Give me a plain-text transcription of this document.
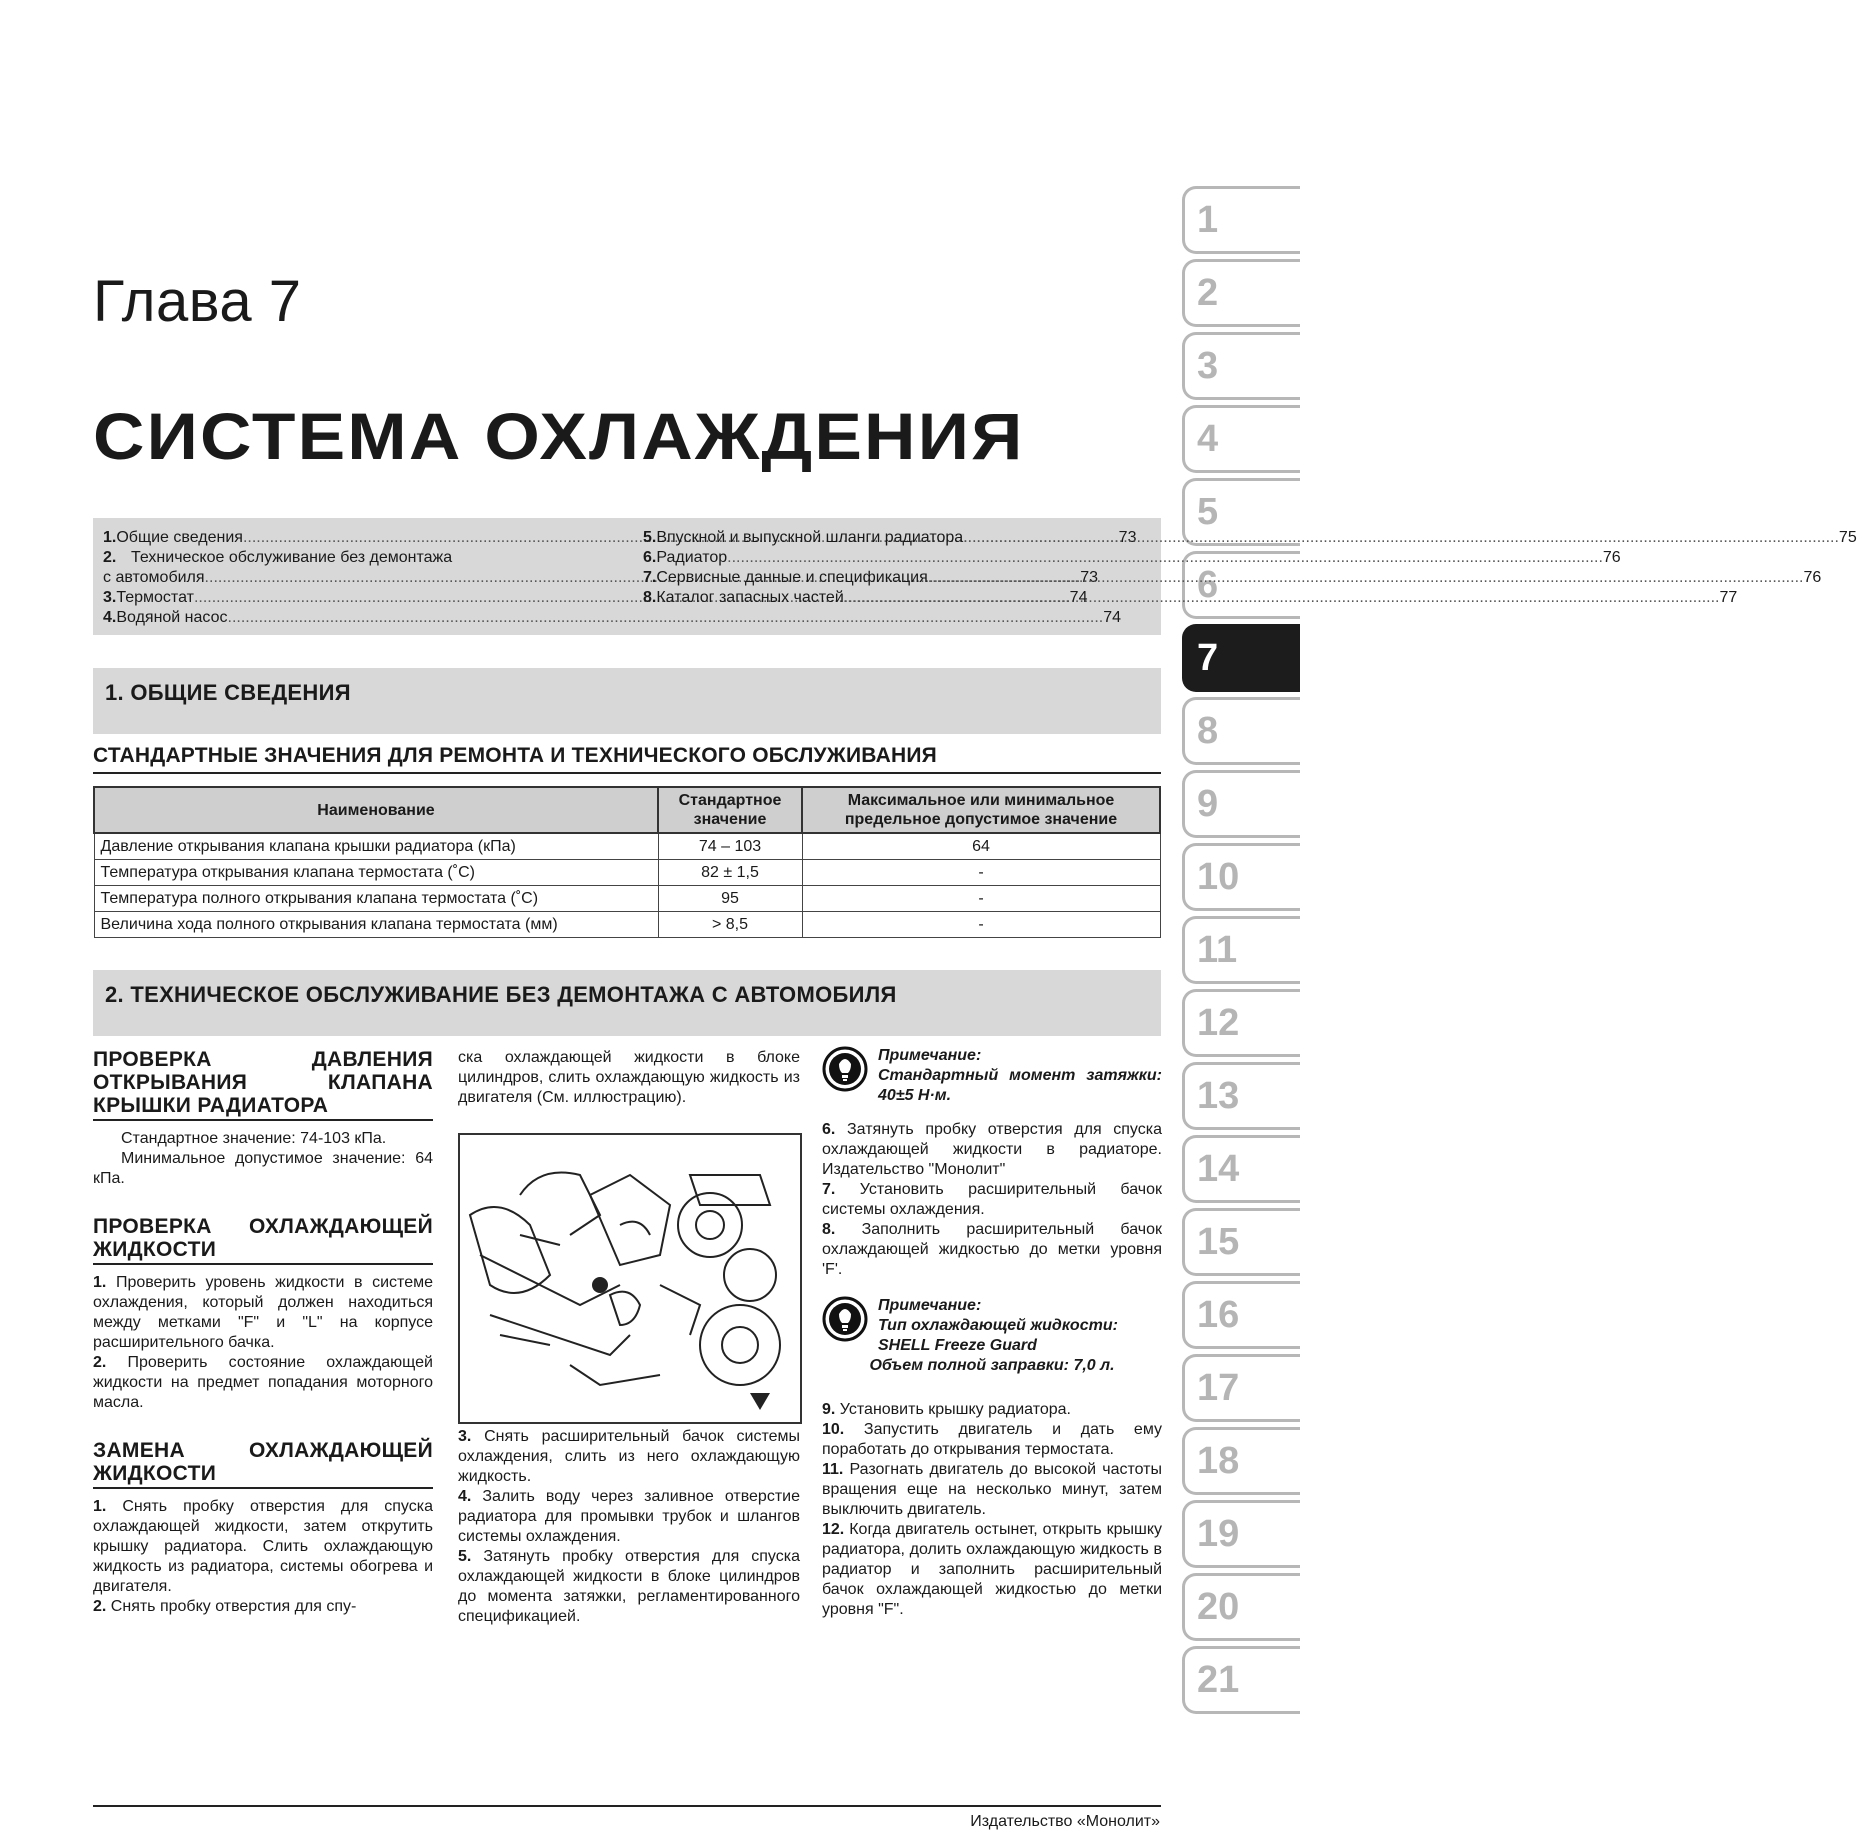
Глава 7
СИСТЕМА ОХЛАЖДЕНИЯ
1
2
3
4
5
6
7
8
9
10
11
12
13
14
15
16
17
18
19
20
21
1. Общие сведения .....	73
2. Техническое обслуживание без демонтажа
с автомобиля .....	73
3. Термостат .....	74
4. Водяной насос .....	74
5. Впускной и выпускной шланги радиатора .....	75
6. Радиатор .....	76
7. Сервисные данные и спецификация .....	76
8. Каталог запасных частей .....	77
1. ОБЩИЕ СВЕДЕНИЯ
СТАНДАРТНЫЕ ЗНАЧЕНИЯ ДЛЯ РЕМОНТА И ТЕХНИЧЕСКОГО ОБСЛУЖИВАНИЯ
Наименование	Стандартное значение	Максимальное или минимальное предельное допустимое значение
Давление открывания клапана крышки радиатора (кПа)	74 – 103	64
Температура открывания клапана термостата (˚С)	82 ± 1,5	-
Температура полного открывания клапана термостата (˚С)	95	-
Величина хода полного открывания клапана термостата (мм)	> 8,5	-
2. ТЕХНИЧЕСКОЕ ОБСЛУЖИВАНИЕ БЕЗ ДЕМОНТАЖА С АВТОМОБИЛЯ
ПРОВЕРКА ДАВЛЕНИЯ ОТКРЫВАНИЯ КЛАПАНА КРЫШКИ РАДИАТОРА

Стандартное значение: 74-103 кПа.

Минимальное допустимое значение: 64 кПа.

ПРОВЕРКА ОХЛАЖДАЮЩЕЙ ЖИДКОСТИ

1. Проверить уровень жидкости в системе охлаждения, который должен находиться между метками "F" и "L" на корпусе расширительного бачка.

2. Проверить состояние охлаждающей жидкости на предмет попадания моторного масла.

ЗАМЕНА ОХЛАЖДАЮЩЕЙ ЖИДКОСТИ

1. Снять пробку отверстия для спуска охлаждающей жидкости, затем открутить крышку радиатора. Слить охлаждающую жидкость из радиатора, системы обогрева и двигателя.

2. Снять пробку отверстия для спу-

ска охлаждающей жидкости в блоке цилиндров, слить охлаждающую жидкость из двигателя (См. иллюстрацию).

3. Снять расширительный бачок системы охлаждения, слить из него охлаждающую жидкость.

4. Залить воду через заливное отверстие радиатора для промывки трубок и шлангов системы охлаждения.

5. Затянуть пробку отверстия для спуска охлаждающей жидкости в блоке цилиндров до момента затяжки, регламентированного спецификацией.

Примечание:
Стандартный момент затяжки: 40±5 Н·м.

6. Затянуть пробку отверстия для спуска охлаждающей жидкости в радиаторе. Издательство "Монолит"

7. Установить расширительный бачок системы охлаждения.

8. Заполнить расширительный бачок охлаждающей жидкостью до метки уровня 'F'.

Примечание:
Тип охлаждающей жидкости:
SHELL Freeze Guard
Объем полной заправки: 7,0 л.

9. Установить крышку радиатора.

10. Запустить двигатель и дать ему поработать до открывания термостата.

11. Разогнать двигатель до высокой частоты вращения еще на несколько минут, затем выключить двигатель.

12. Когда двигатель остынет, открыть крышку радиатора, долить охлаждающую жидкость в радиатор и заполнить расширительный бачок охлаждающей жидкостью до метки уровня "F".

Издательство «Монолит»
